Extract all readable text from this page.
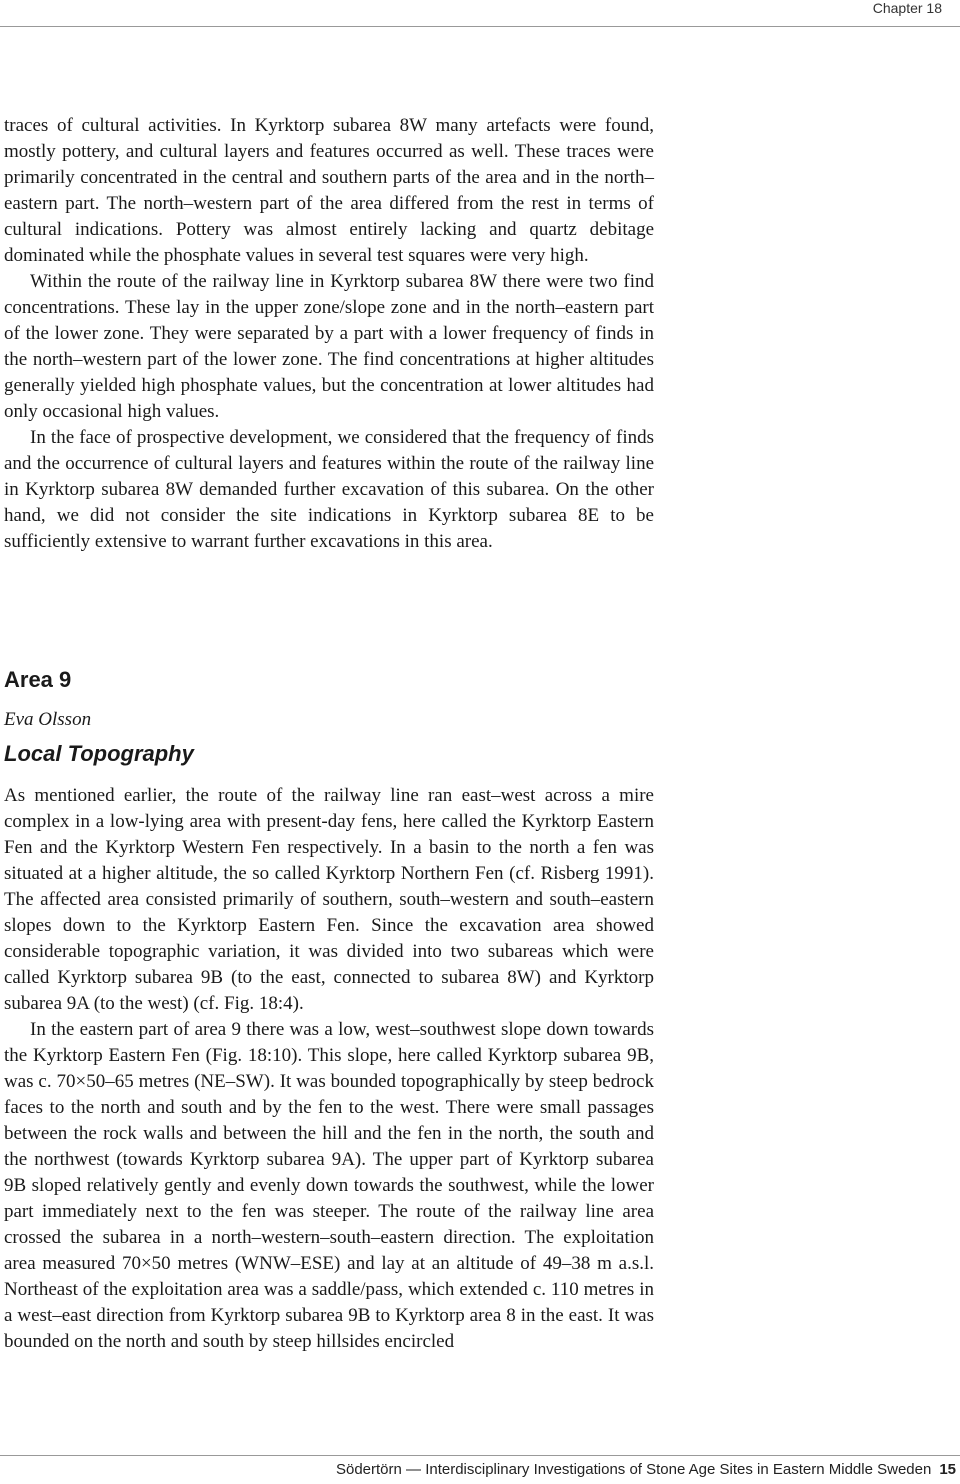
Chapter 18

traces of cultural activities. In Kyrktorp subarea 8W many artefacts were found, mostly pottery, and cultural layers and features occurred as well. These traces were primarily concentrated in the central and southern parts of the area and in the north–eastern part. The north–western part of the area differed from the rest in terms of cultural indications. Pottery was almost entirely lacking and quartz debitage dominated while the phosphate values in several test squares were very high.

Within the route of the railway line in Kyrktorp subarea 8W there were two find concentrations. These lay in the upper zone/slope zone and in the north–eastern part of the lower zone. They were separated by a part with a lower frequency of finds in the north–western part of the lower zone. The find concentrations at higher altitudes generally yielded high phosphate values, but the concentration at lower altitudes had only occasional high values.

In the face of prospective development, we considered that the frequency of finds and the occurrence of cultural layers and features within the route of the railway line in Kyrktorp subarea 8W demanded further excavation of this subarea. On the other hand, we did not consider the site indications in Kyrktorp subarea 8E to be sufficiently extensive to warrant further excavations in this area.

Area 9
Eva Olsson
Local Topography

As mentioned earlier, the route of the railway line ran east–west across a mire complex in a low-lying area with present-day fens, here called the Kyrktorp Eastern Fen and the Kyrktorp Western Fen respectively. In a basin to the north a fen was situated at a higher altitude, the so called Kyrktorp Northern Fen (cf. Risberg 1991). The affected area consisted primarily of southern, south–western and south–eastern slopes down to the Kyrktorp Eastern Fen. Since the excavation area showed considerable topographic variation, it was divided into two subareas which were called Kyrktorp subarea 9B (to the east, connected to subarea 8W) and Kyrktorp subarea 9A (to the west) (cf. Fig. 18:4).

In the eastern part of area 9 there was a low, west–southwest slope down towards the Kyrktorp Eastern Fen (Fig. 18:10). This slope, here called Kyrktorp subarea 9B, was c. 70×50–65 metres (NE–SW). It was bounded topographically by steep bedrock faces to the north and south and by the fen to the west. There were small passages between the rock walls and between the hill and the fen in the north, the south and the northwest (towards Kyrktorp subarea 9A). The upper part of Kyrktorp subarea 9B sloped relatively gently and evenly down towards the southwest, while the lower part immediately next to the fen was steeper. The route of the railway line area crossed the subarea in a north–western–south–eastern direction. The exploitation area measured 70×50 metres (WNW–ESE) and lay at an altitude of 49–38 m a.s.l. Northeast of the exploitation area was a saddle/pass, which extended c. 110 metres in a west–east direction from Kyrktorp subarea 9B to Kyrktorp area 8 in the east. It was bounded on the north and south by steep hillsides encircled

Södertörn — Interdisciplinary Investigations of Stone Age Sites in Eastern Middle Sweden 15
